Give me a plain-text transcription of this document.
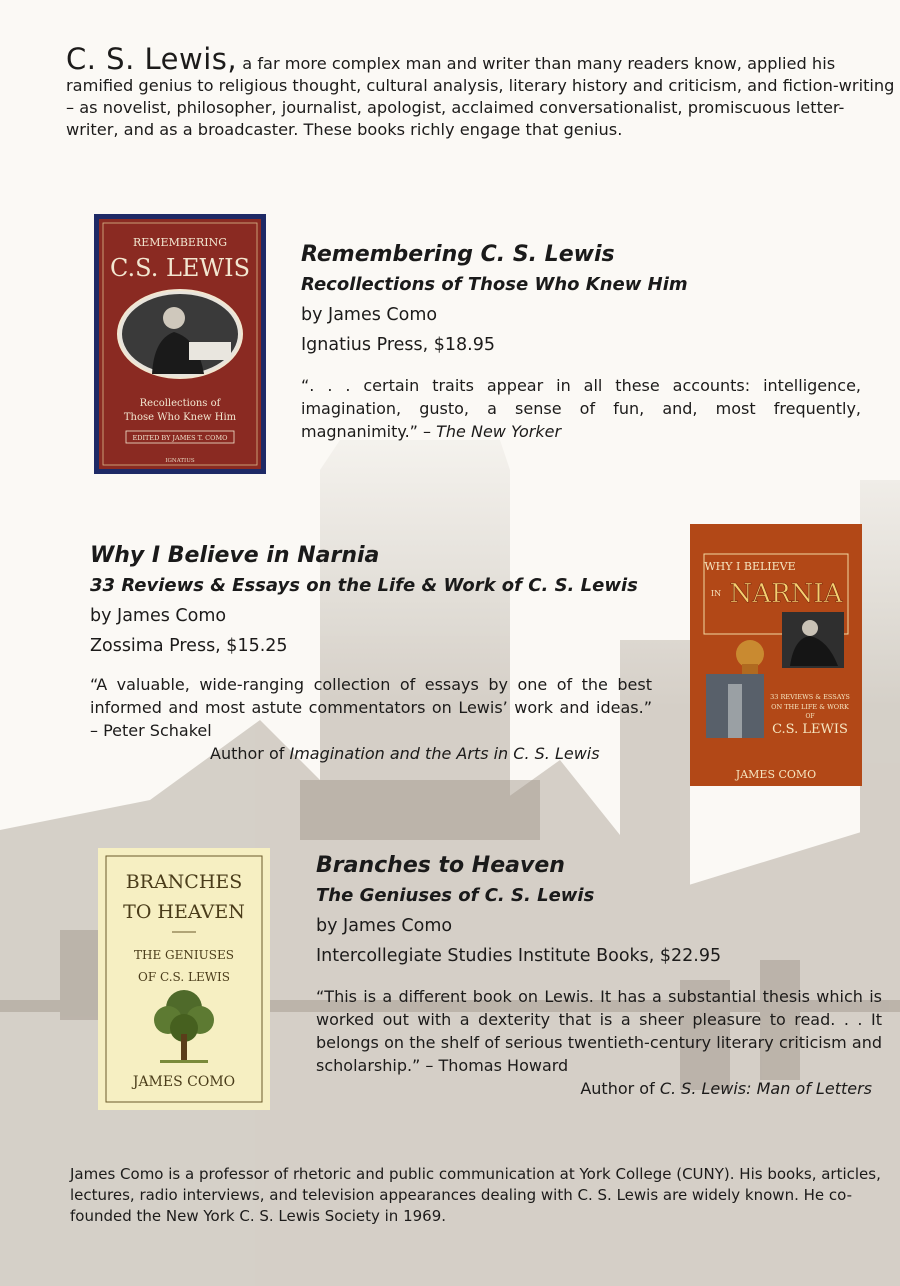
C. S. Lewis, a far more complex man and writer than many readers know, applied his ramified genius to religious thought, cultural analysis, literary history and criticism, and fiction-writing – as novelist, philosopher, journalist, apologist, acclaimed conversationalist, promiscuous letter-writer, and as a broadcaster. These books richly engage that genius.
REMEMBERING
C.S. LEWIS
Recollections of
Those Who Knew Him
EDITED BY JAMES T. COMO
IGNATIUS
Remembering C. S. Lewis
Recollections of Those Who Knew Him
by James Como
Ignatius Press, $18.95
“. . . certain traits appear in all these accounts: intelligence, imagination, gusto, a sense of fun, and, most frequently, magnanimity.” – The New Yorker
Why I Believe in Narnia
33 Reviews & Essays on the Life & Work of C. S. Lewis
by James Como
Zossima Press, $15.25
“A valuable, wide-ranging collection of essays by one of the best informed and most astute commentators on Lewis’ work and ideas.” – Peter Schakel
Author of Imagination and the Arts in C. S. Lewis
WHY I BELIEVE
IN NARNIA
33 REVIEWS & ESSAYS
ON THE LIFE & WORK
OF
C.S. LEWIS
JAMES COMO
BRANCHES
TO HEAVEN
THE GENIUSES
OF C.S. LEWIS
JAMES COMO
Branches to Heaven
The Geniuses of C. S. Lewis
by James Como
Intercollegiate Studies Institute Books, $22.95
“This is a different book on Lewis. It has a substantial thesis which is worked out with a dexterity that is a sheer pleasure to read. . . It belongs on the shelf of serious twentieth-century literary criticism and scholarship.” – Thomas Howard
Author of C. S. Lewis: Man of Letters
James Como is a professor of rhetoric and public communication at York College (CUNY). His books, articles, lectures, radio interviews, and television appearances dealing with C. S. Lewis are widely known. He co-founded the New York C. S. Lewis Society in 1969.
